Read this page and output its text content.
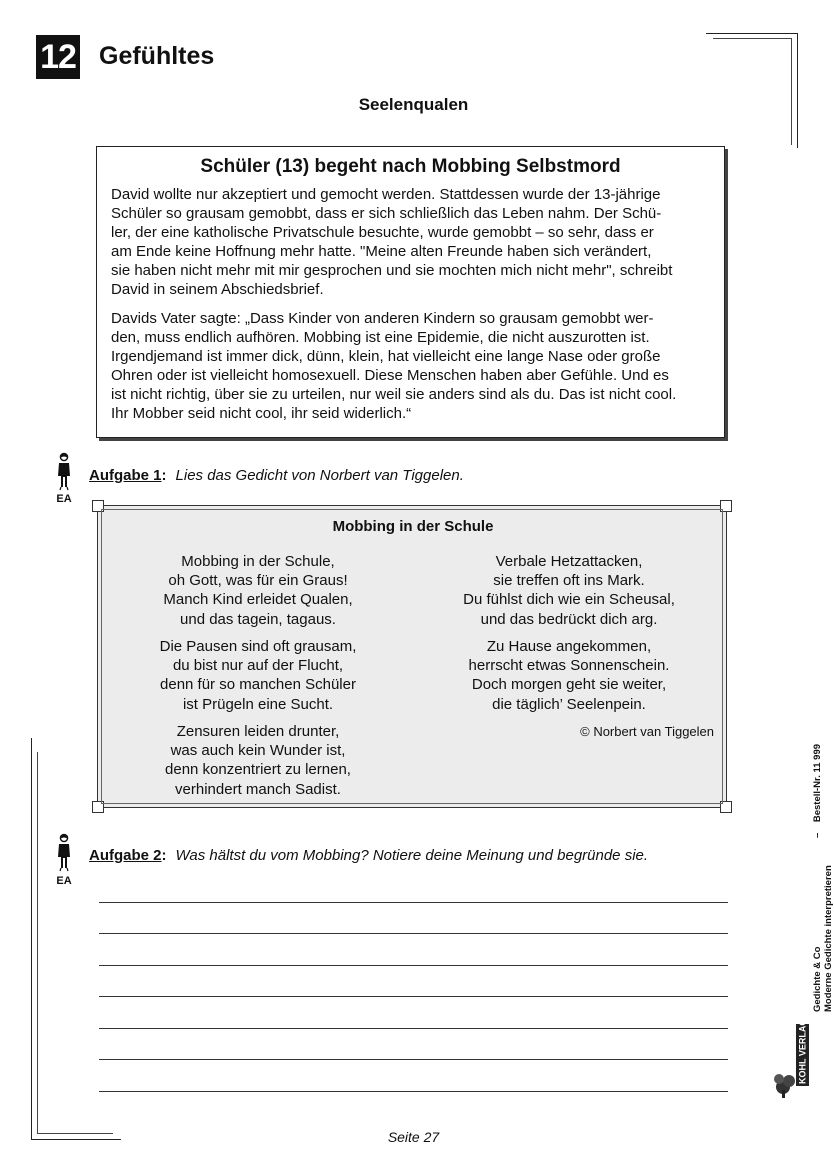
12 Gefühltes
Seelenqualen
Schüler (13) begeht nach Mobbing Selbstmord
David wollte nur akzeptiert und gemocht werden. Stattdessen wurde der 13-jährige
Schüler so grausam gemobbt, dass er sich schließlich das Leben nahm. Der Schü-
ler, der eine katholische Privatschule besuchte, wurde gemobbt – so sehr, dass er
am Ende keine Hoffnung mehr hatte. "Meine alten Freunde haben sich verändert,
sie haben nicht mehr mit mir gesprochen und sie mochten mich nicht mehr", schreibt
David in seinem Abschiedsbrief.
Davids Vater sagte: „Dass Kinder von anderen Kindern so grausam gemobbt wer-
den, muss endlich aufhören. Mobbing ist eine Epidemie, die nicht auszurotten ist.
Irgendjemand ist immer dick, dünn, klein, hat vielleicht eine lange Nase oder große
Ohren oder ist vielleicht homosexuell. Diese Menschen haben aber Gefühle. Und es
ist nicht richtig, über sie zu urteilen, nur weil sie anders sind als du. Das ist nicht cool.
Ihr Mobber seid nicht cool, ihr seid widerlich.“
EA
Aufgabe 1: Lies das Gedicht von Norbert van Tiggelen.
Mobbing in der Schule
Mobbing in der Schule,
oh Gott, was für ein Graus!
Manch Kind erleidet Qualen,
und das tagein, tagaus.
Die Pausen sind oft grausam,
du bist nur auf der Flucht,
denn für so manchen Schüler
ist Prügeln eine Sucht.
Zensuren leiden drunter,
was auch kein Wunder ist,
denn konzentriert zu lernen,
verhindert manch Sadist.
Verbale Hetzattacken,
sie treffen oft ins Mark.
Du fühlst dich wie ein Scheusal,
und das bedrückt dich arg.
Zu Hause angekommen,
herrscht etwas Sonnenschein.
Doch morgen geht sie weiter,
die täglich’ Seelenpein.
© Norbert van Tiggelen
EA
Aufgabe 2: Was hältst du vom Mobbing? Notiere deine Meinung und begründe sie.
Seite 27
Gedichte & Co Moderne Gedichte interpretieren
–    Bestell-Nr. 11 999
KOHL VERLAG
